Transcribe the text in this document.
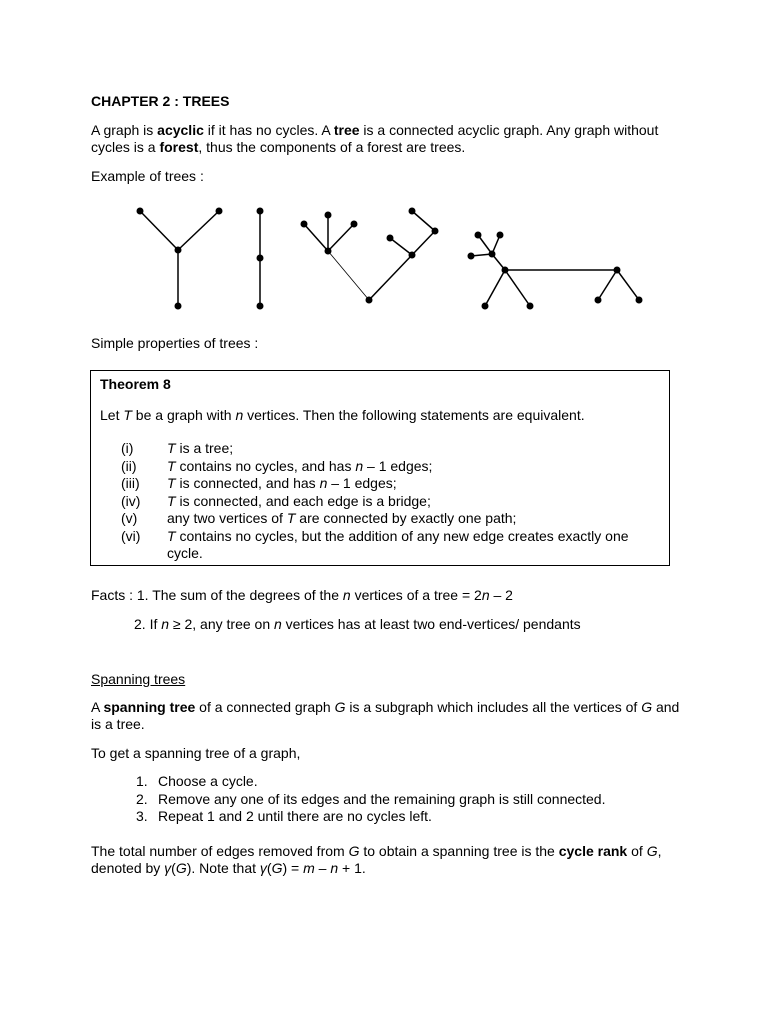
CHAPTER 2 : TREES

A graph is acyclic if it has no cycles. A tree is a connected acyclic graph. Any graph without cycles is a forest, thus the components of a forest are trees.

Example of trees :

Simple properties of trees :

Theorem 8

Let T be a graph with n vertices. Then the following statements are equivalent.

(i)	T is a tree;
(ii)	T contains no cycles, and has n – 1 edges;
(iii)	T is connected, and has n – 1 edges;
(iv)	T is connected, and each edge is a bridge;
(v)	any two vertices of T are connected by exactly one path;
(vi)	T contains no cycles, but the addition of any new edge creates exactly one cycle.

Facts : 1. The sum of the degrees of the n vertices of a tree = 2n – 2

2. If n ≥ 2, any tree on n vertices has at least two end-vertices/ pendants

Spanning trees

A spanning tree of a connected graph G is a subgraph which includes all the vertices of G and is a tree.

To get a spanning tree of a graph,

1. Choose a cycle.
2. Remove any one of its edges and the remaining graph is still connected.
3. Repeat 1 and 2 until there are no cycles left.

The total number of edges removed from G to obtain a spanning tree is the cycle rank of G, denoted by γ(G). Note that γ(G) = m – n + 1.
